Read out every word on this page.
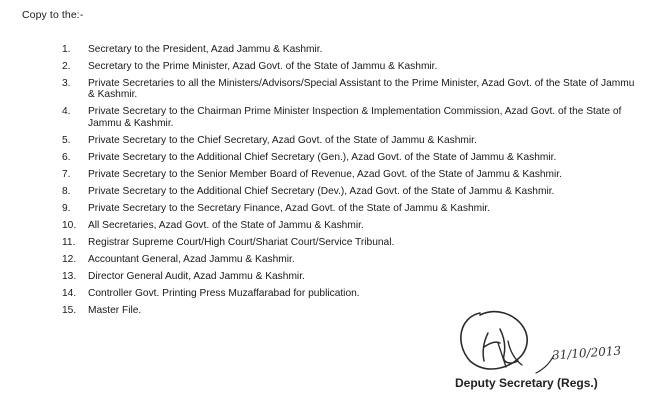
Copy to the:-
1.	Secretary to the President, Azad Jammu & Kashmir.
2.	Secretary to the Prime Minister, Azad Govt. of the State of Jammu & Kashmir.
3.	Private Secretaries to all the Ministers/Advisors/Special Assistant to the Prime Minister, Azad Govt. of the State of Jammu & Kashmir.
4.	Private Secretary to the Chairman Prime Minister Inspection & Implementation Commission, Azad Govt. of the State of Jammu & Kashmir.
5.	Private Secretary to the Chief Secretary, Azad Govt. of the State of Jammu & Kashmir.
6.	Private Secretary to the Additional Chief Secretary (Gen.), Azad Govt. of the State of Jammu & Kashmir.
7.	Private Secretary to the Senior Member Board of Revenue, Azad Govt. of the State of Jammu & Kashmir.
8.	Private Secretary to the Additional Chief Secretary (Dev.), Azad Govt. of the State of Jammu & Kashmir.
9.	Private Secretary to the Secretary Finance, Azad Govt. of the State of Jammu & Kashmir.
10.	All Secretaries, Azad Govt. of the State of Jammu & Kashmir.
11.	Registrar Supreme Court/High Court/Shariat Court/Service Tribunal.
12.	Accountant General, Azad Jammu & Kashmir.
13.	Director General Audit, Azad Jammu & Kashmir.
14.	Controller Govt. Printing Press Muzaffarabad for publication.
15.	Master File.
31/10/2013
Deputy Secretary (Regs.)
